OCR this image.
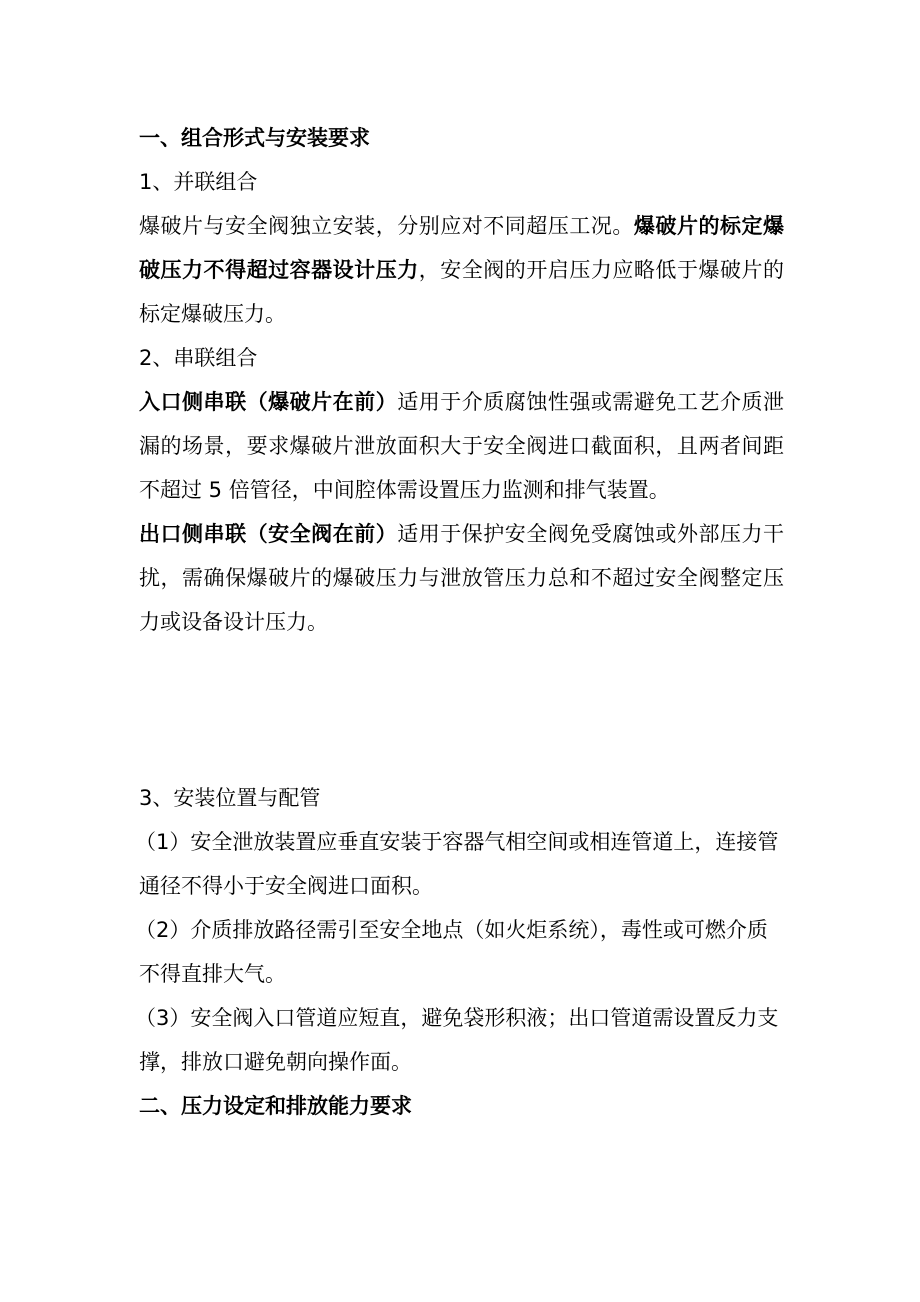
一、组合形式与安装要求

1、并联组合

爆破片与安全阀独立安装，分别应对不同超压工况。爆破片的标定爆破压力不得超过容器设计压力，安全阀的开启压力应略低于爆破片的标定爆破压力。

2、串联组合

入口侧串联（爆破片在前）适用于介质腐蚀性强或需避免工艺介质泄漏的场景，要求爆破片泄放面积大于安全阀进口截面积，且两者间距不超过 5 倍管径，中间腔体需设置压力监测和排气装置。

出口侧串联（安全阀在前）适用于保护安全阀免受腐蚀或外部压力干扰，需确保爆破片的爆破压力与泄放管压力总和不超过安全阀整定压力或设备设计压力。

3、安装位置与配管

（1）安全泄放装置应垂直安装于容器气相空间或相连管道上，连接管通径不得小于安全阀进口面积。

（2）介质排放路径需引至安全地点（如火炬系统），毒性或可燃介质不得直排大气。

（3）安全阀入口管道应短直，避免袋形积液；出口管道需设置反力支撑，排放口避免朝向操作面。

二、压力设定和排放能力要求
